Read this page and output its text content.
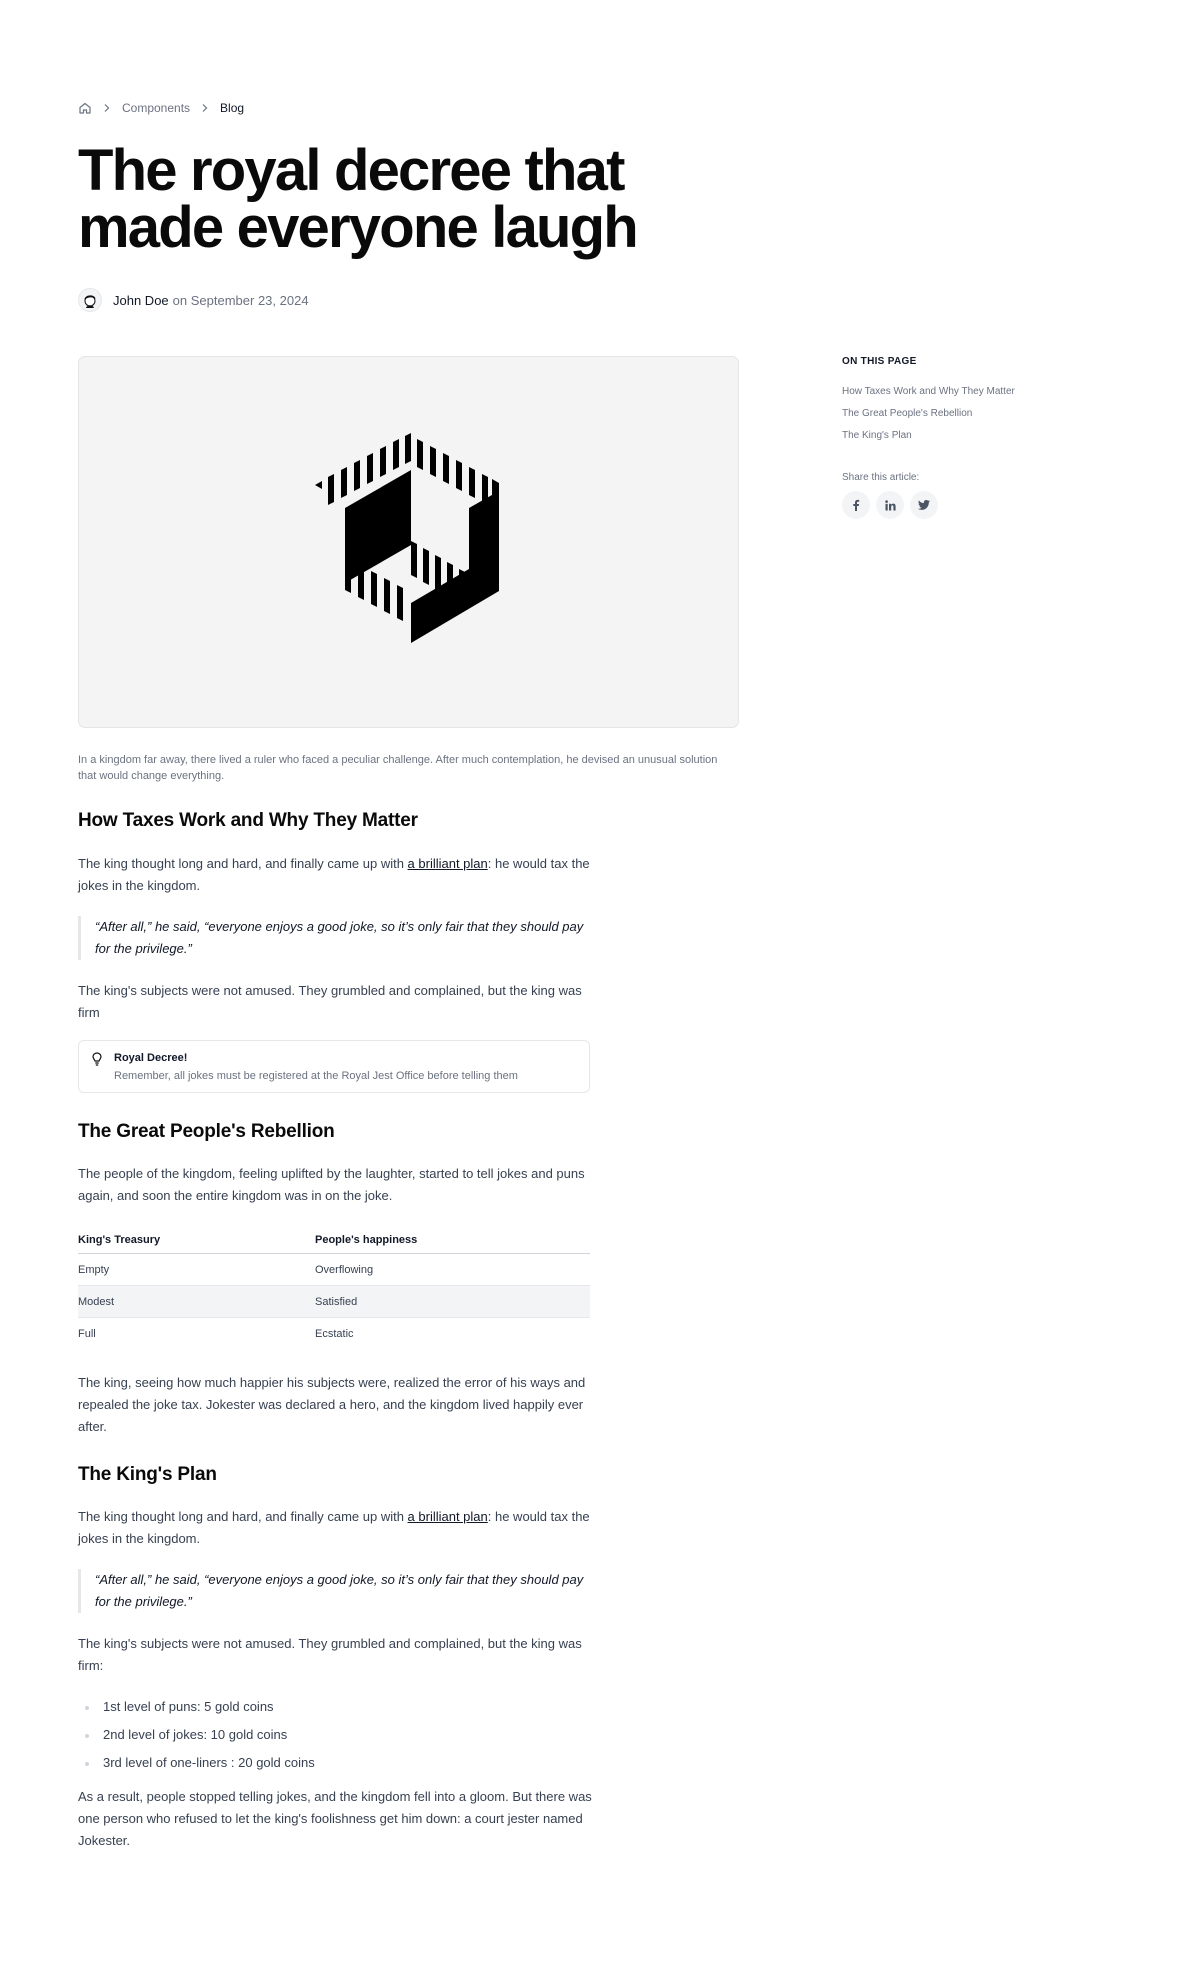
Components	Blog
The royal decree that made everyone laugh
John Doe on
September 23, 2024

In a kingdom far away, there lived a ruler who faced a peculiar challenge. After much contemplation, he devised an unusual solution that would change everything.

How Taxes Work and Why They Matter

The king thought long and hard, and finally came up with a brilliant plan: he would tax the jokes in the kingdom.

“After all,” he said, “everyone enjoys a good joke, so it’s only fair that they should pay for the privilege.”

The king's subjects were not amused. They grumbled and complained, but the king was firm

Royal Decree!
Remember, all jokes must be registered at the Royal Jest Office before telling them
The Great People's Rebellion

The people of the kingdom, feeling uplifted by the laughter, started to tell jokes and puns again, and soon the entire kingdom was in on the joke.

King's Treasury	People's happiness
Empty	Overflowing
Modest	Satisfied
Full	Ecstatic

The king, seeing how much happier his subjects were, realized the error of his ways and repealed the joke tax. Jokester was declared a hero, and the kingdom lived happily ever after.

The King's Plan

The king thought long and hard, and finally came up with a brilliant plan: he would tax the jokes in the kingdom.

“After all,” he said, “everyone enjoys a good joke, so it’s only fair that they should pay for the privilege.”

The king's subjects were not amused. They grumbled and complained, but the king was firm:

1st level of puns: 5 gold coins
2nd level of jokes: 10 gold coins
3rd level of one-liners : 20 gold coins

As a result, people stopped telling jokes, and the kingdom fell into a gloom. But there was one person who refused to let the king's foolishness get him down: a court jester named Jokester.

ON THIS PAGE
How Taxes Work and Why They Matter
The Great People's Rebellion
The King's Plan
Share this article:
